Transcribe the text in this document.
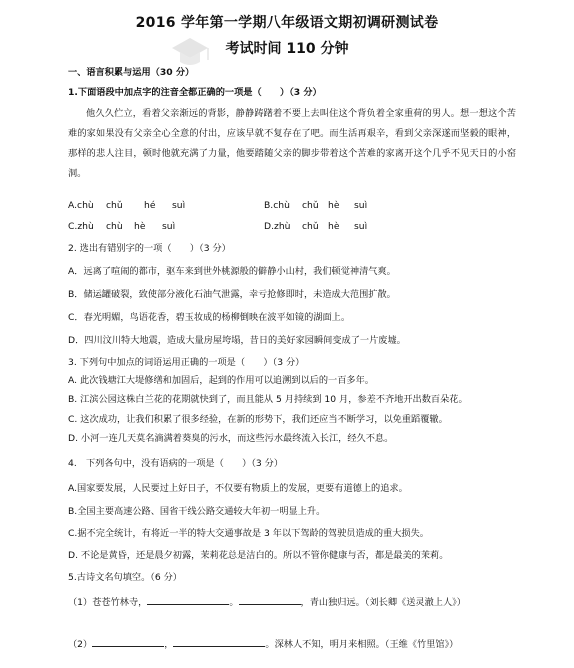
2016 学年第一学期八年级语文期初调研测试卷
考试时间 110 分钟
一、语言积累与运用（30 分）
1.下面语段中加点字的注音全都正确的一项是（　　）（3 分）
他久久伫立，看着父亲渐远的背影，静静踌躇着不要上去叫住这个背负着全家重荷的男人。想一想这个苦难的家如果没有父亲全心全意的付出，应该早就不复存在了吧。而生活再艰辛，看到父亲深遂而坚毅的眼神，那样的悲人注目，顿时他就充满了力量，他要踏随父亲的脚步带着这个苦难的家离开这个几乎不见天日的小窑洞。
A.chù chǔ hé suì	B.chù chǔ hè suì
C.zhù chù hè suì	D.zhù chǔ hè suì
2. 选出有错别字的一项（　　）（3 分）
A．远离了喧闹的都市，驱车来到世外桃源般的僻静小山村，我们顿觉神清气爽。
B．储运罐破裂，致使部分液化石油气泄露，幸亏抢修即时，未造成大范围扩散。
C．春光明媚，鸟语花香，碧玉妆成的杨柳倒映在波平如镜的湖面上。
D．四川汶川特大地震，造成大量房屋垮塌，昔日的美好家园瞬间变成了一片废墟。
3. 下列句中加点的词语运用正确的一项是（　　）（3 分）
A. 此次钱塘江大堤修缮和加固后，起到的作用可以追溯到以后的一百多年。
B. 江滨公园这株白兰花的花期就快到了，而且能从 5 月持续到 10 月，参差不齐地开出数百朵花。
C. 这次成功，让我们积累了很多经验，在新的形势下，我们还应当不断学习，以免重蹈覆辙。
D. 小河一连几天莫名滴满着葵臭的污水，而这些污水最终流入长江，经久不息。
4.　下列各句中，没有语病的一项是（　　）（3 分）
A.国家要发展，人民要过上好日子，不仅要有物质上的发展，更要有道德上的追求。
B.全国主要高速公路、国省干线公路交通较大年初一明显上升。
C.据不完全统计，有将近一半的特大交通事故是 3 年以下驾龄的驾驶员造成的重大损失。
D. 不论是黄昏，还是晨夕初露，茉莉花总是洁白的。所以不管你健康与否，都是最美的茉莉。
5.古诗文名句填空。（6 分）
（1）苍苍竹林寺，	。	，青山独归远。（刘长卿《送灵澈上人》）
（2）	，	。深林人不知，明月来相照。（王维《竹里馆》）
